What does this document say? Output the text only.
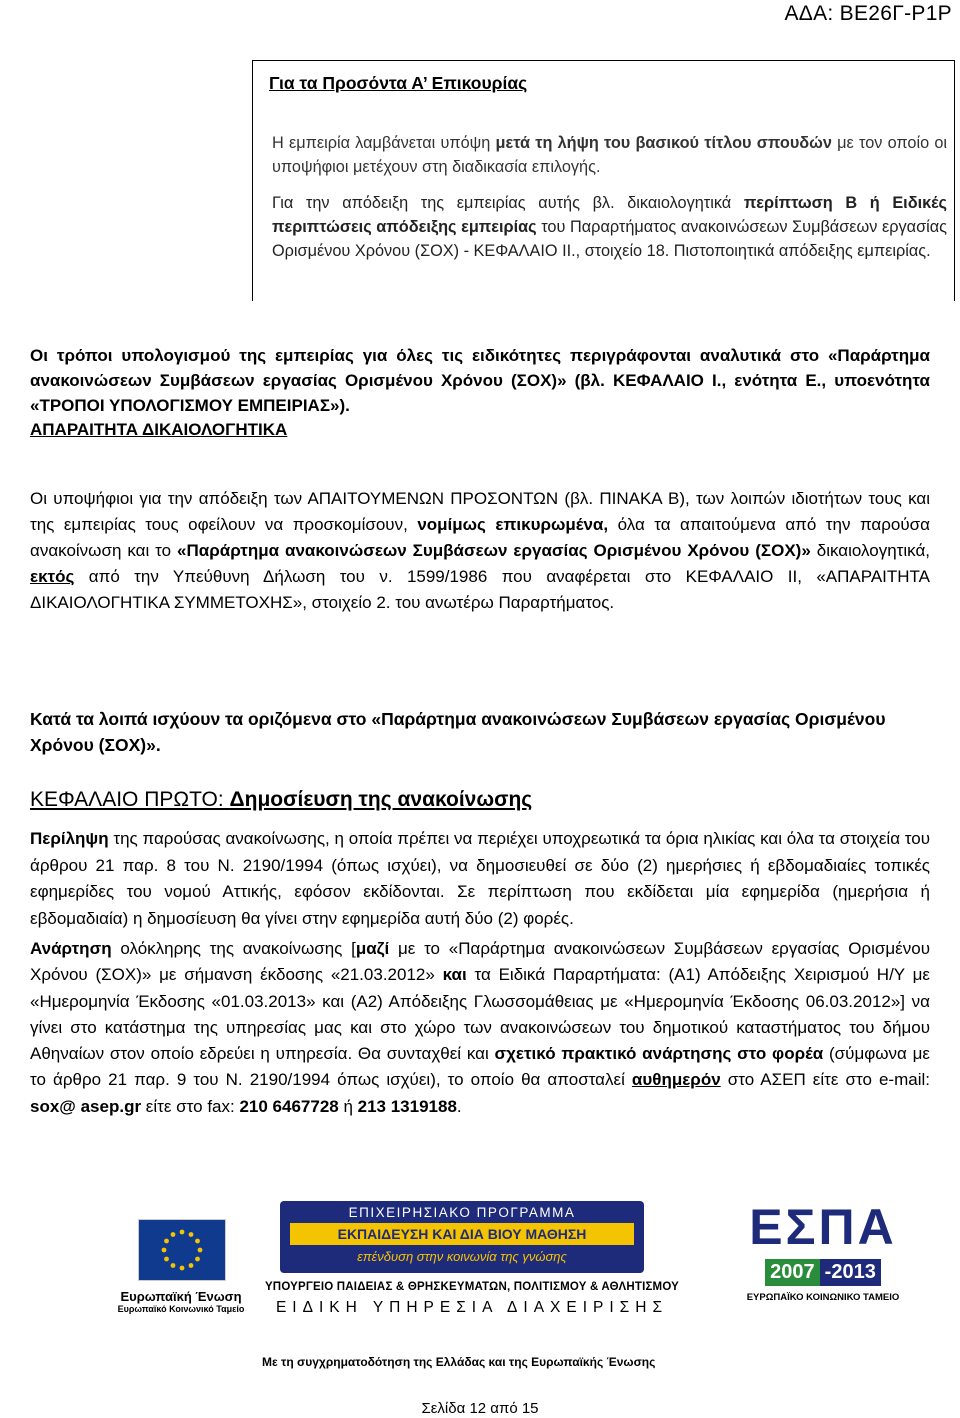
ΑΔΑ: ΒΕ26Γ-Ρ1Ρ
Για τα Προσόντα Α’ Επικουρίας

Η εμπειρία λαμβάνεται υπόψη μετά τη λήψη του βασικού τίτλου σπουδών με τον οποίο οι υποψήφιοι μετέχουν στη διαδικασία επιλογής.

Για την απόδειξη της εμπειρίας αυτής βλ. δικαιολογητικά περίπτωση Β ή Ειδικές περιπτώσεις απόδειξης εμπειρίας του Παραρτήματος ανακοινώσεων Συμβάσεων εργασίας Ορισμένου Χρόνου (ΣΟΧ) - ΚΕΦΑΛΑΙΟ ΙΙ., στοιχείο 18. Πιστοποιητικά απόδειξης εμπειρίας.

Οι τρόποι υπολογισμού της εμπειρίας για όλες τις ειδικότητες περιγράφονται αναλυτικά στο «Παράρτημα ανακοινώσεων Συμβάσεων εργασίας Ορισμένου Χρόνου (ΣΟΧ)» (βλ. ΚΕΦΑΛΑΙΟ Ι., ενότητα Ε., υποενότητα «ΤΡΟΠΟΙ ΥΠΟΛΟΓΙΣΜΟΥ ΕΜΠΕΙΡΙΑΣ»).

ΑΠΑΡΑΙΤΗΤΑ ΔΙΚΑΙΟΛΟΓΗΤΙΚΑ

Οι υποψήφιοι για την απόδειξη των ΑΠΑΙΤΟΥΜΕΝΩΝ ΠΡΟΣΟΝΤΩΝ (βλ. ΠΙΝΑΚΑ Β), των λοιπών ιδιοτήτων τους και της εμπειρίας τους οφείλουν να προσκομίσουν, νομίμως επικυρωμένα, όλα τα απαιτούμενα από την παρούσα ανακοίνωση και το «Παράρτημα ανακοινώσεων Συμβάσεων εργασίας Ορισμένου Χρόνου (ΣΟΧ)» δικαιολογητικά, εκτός από την Υπεύθυνη Δήλωση του ν. 1599/1986 που αναφέρεται στο ΚΕΦΑΛΑΙΟ ΙΙ, «ΑΠΑΡΑΙΤΗΤΑ ΔΙΚΑΙΟΛΟΓΗΤΙΚΑ ΣΥΜΜΕΤΟΧΗΣ», στοιχείο 2. του ανωτέρω Παραρτήματος.

Κατά τα λοιπά ισχύουν τα οριζόμενα στο «Παράρτημα ανακοινώσεων Συμβάσεων εργασίας Ορισμένου Χρόνου (ΣΟΧ)».
ΚΕΦΑΛΑΙΟ ΠΡΩΤΟ: Δημοσίευση της ανακοίνωσης

Περίληψη της παρούσας ανακοίνωσης, η οποία πρέπει να περιέχει υποχρεωτικά τα όρια ηλικίας και όλα τα στοιχεία του άρθρου 21 παρ. 8 του Ν. 2190/1994 (όπως ισχύει), να δημοσιευθεί σε δύο (2) ημερήσιες ή εβδομαδιαίες τοπικές εφημερίδες του νομού Αττικής, εφόσον εκδίδονται. Σε περίπτωση που εκδίδεται μία εφημερίδα (ημερήσια ή εβδομαδιαία) η δημοσίευση θα γίνει στην εφημερίδα αυτή δύο (2) φορές.

Ανάρτηση ολόκληρης της ανακοίνωσης [μαζί με το «Παράρτημα ανακοινώσεων Συμβάσεων εργασίας Ορισμένου Χρόνου (ΣΟΧ)» με σήμανση έκδοσης «21.03.2012» και τα Ειδικά Παραρτήματα: (Α1) Απόδειξης Χειρισμού Η/Υ με «Ημερομηνία Έκδοσης «01.03.2013» και (Α2) Απόδειξης Γλωσσομάθειας με «Ημερομηνία Έκδοσης 06.03.2012»] να γίνει στο κατάστημα της υπηρεσίας μας και στο χώρο των ανακοινώσεων του δημοτικού καταστήματος του δήμου Αθηναίων στον οποίο εδρεύει η υπηρεσία. Θα συνταχθεί και σχετικό πρακτικό ανάρτησης στο φορέα (σύμφωνα με το άρθρο 21 παρ. 9 του Ν. 2190/1994 όπως ισχύει), το οποίο θα αποσταλεί αυθημερόν στο ΑΣΕΠ είτε στο e-mail: sox@ asep.gr είτε στο fax: 210 6467728 ή 213 1319188.

Ευρωπαϊκή Ένωση
Ευρωπαϊκό Κοινωνικό Ταμείο
ΕΠΙΧΕΙΡΗΣΙΑΚΟ ΠΡΟΓΡΑΜΜΑ
ΕΚΠΑΙΔΕΥΣΗ ΚΑΙ ΔΙΑ ΒΙΟΥ ΜΑΘΗΣΗ
επένδυση στην κοινωνία της γνώσης
ΥΠΟΥΡΓΕΙΟ ΠΑΙΔΕΙΑΣ & ΘΡΗΣΚΕΥΜΑΤΩΝ, ΠΟΛΙΤΙΣΜΟΥ & ΑΘΛΗΤΙΣΜΟΥ
ΕΙΔΙΚΗ ΥΠΗΡΕΣΙΑ ΔΙΑΧΕΙΡΙΣΗΣ
ΕΣΠΑ
2007 -2013
ΕΥΡΩΠΑΪΚΟ ΚΟΙΝΩΝΙΚΟ ΤΑΜΕΙΟ
Με τη συγχρηματοδότηση της Ελλάδας και της Ευρωπαϊκής Ένωσης
Σελίδα 12 από 15
